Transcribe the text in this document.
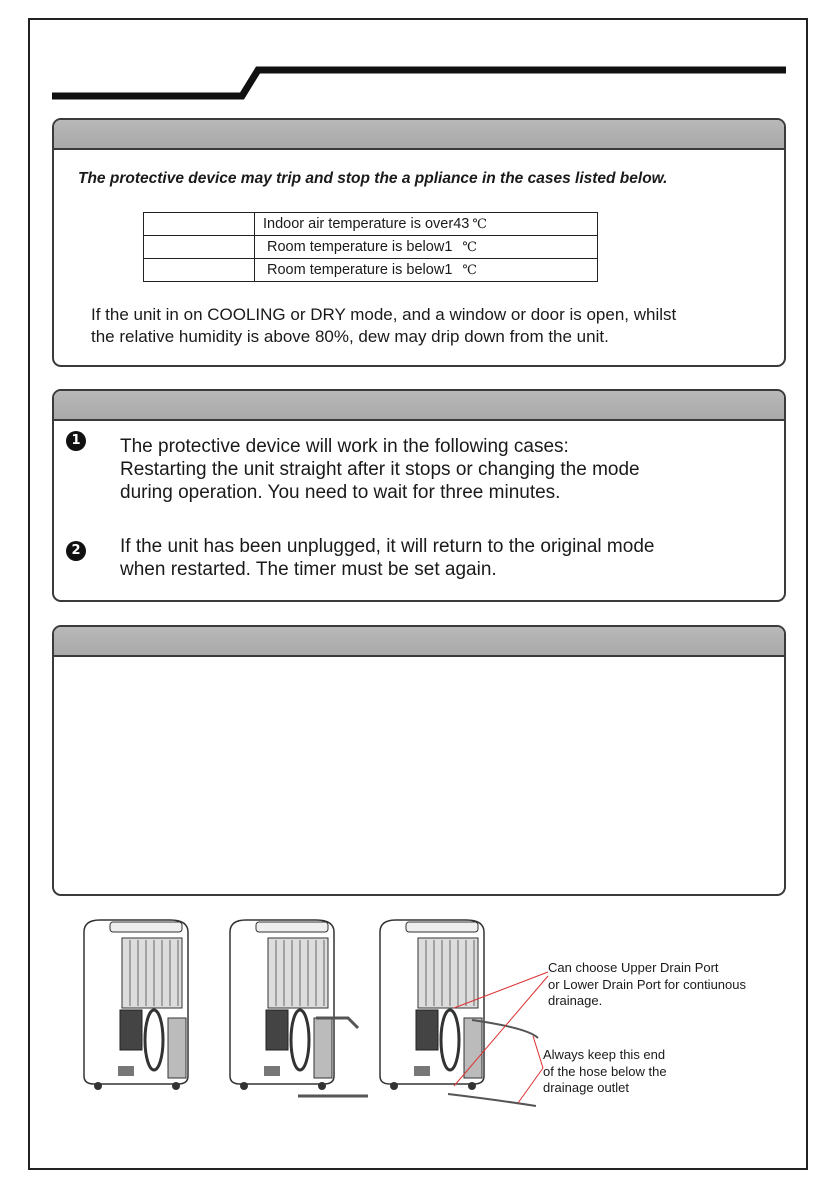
The protective device may trip and stop the a ppliance in the cases listed below.
	Indoor air temperature is over43 ℃
	Room temperature is below1 ℃
	Room temperature is below1 ℃
If the unit in on COOLING or DRY mode, and a window or door is open, whilst
the relative humidity is above 80%, dew may drip down from the unit.
1 The protective device will work in the following cases:
Restarting the unit straight after it stops or changing the mode
during operation. You need to wait for three minutes.
2 If the unit has been unplugged, it will return to the original mode
when restarted. The timer must be set again.
Can choose Upper Drain Port
or Lower Drain Port for contiunous
drainage.
Always keep this end
of the hose below the
drainage outlet
